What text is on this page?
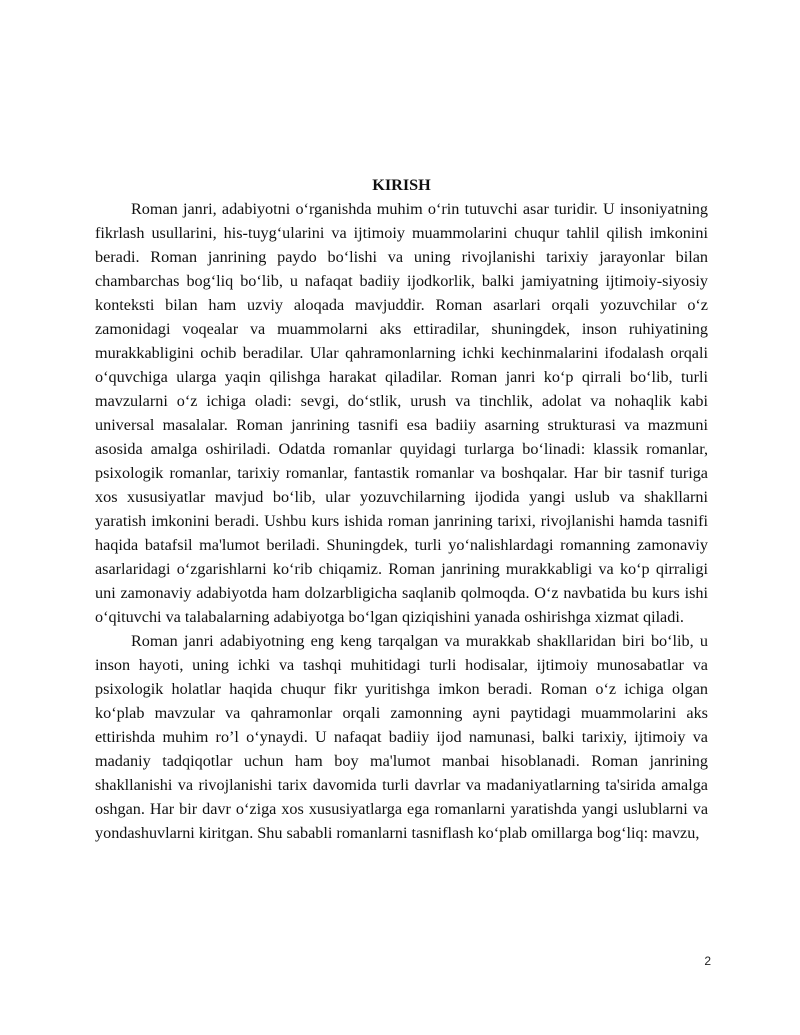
KIRISH

Roman janri, adabiyotni o‘rganishda muhim o‘rin tutuvchi asar turidir. U insoniyatning fikrlash usullarini, his-tuyg‘ularini va ijtimoiy muammolarini chuqur tahlil qilish imkonini beradi. Roman janrining paydo bo‘lishi va uning rivojlanishi tarixiy jarayonlar bilan chambarchas bog‘liq bo‘lib, u nafaqat badiiy ijodkorlik, balki jamiyatning ijtimoiy-siyosiy konteksti bilan ham uzviy aloqada mavjuddir. Roman asarlari orqali yozuvchilar o‘z zamonidagi voqealar va muammolarni aks ettiradilar, shuningdek, inson ruhiyatining murakkabligini ochib beradilar. Ular qahramonlarning ichki kechinmalarini ifodalash orqali o‘quvchiga ularga yaqin qilishga harakat qiladilar. Roman janri ko‘p qirrali bo‘lib, turli mavzularni o‘z ichiga oladi: sevgi, do‘stlik, urush va tinchlik, adolat va nohaqlik kabi universal masalalar. Roman janrining tasnifi esa badiiy asarning strukturasi va mazmuni asosida amalga oshiriladi. Odatda romanlar quyidagi turlarga bo‘linadi: klassik romanlar, psixologik romanlar, tarixiy romanlar, fantastik romanlar va boshqalar. Har bir tasnif turiga xos xususiyatlar mavjud bo‘lib, ular yozuvchilarning ijodida yangi uslub va shakllarni yaratish imkonini beradi. Ushbu kurs ishida roman janrining tarixi, rivojlanishi hamda tasnifi haqida batafsil ma'lumot beriladi. Shuningdek, turli yo‘nalishlardagi romanning zamonaviy asarlaridagi o‘zgarishlarni ko‘rib chiqamiz. Roman janrining murakkabligi va ko‘p qirraligi uni zamonaviy adabiyotda ham dolzarbligicha saqlanib qolmoqda. O‘z navbatida bu kurs ishi o‘qituvchi va talabalarning adabiyotga bo‘lgan qiziqishini yanada oshirishga xizmat qiladi.

Roman janri adabiyotning eng keng tarqalgan va murakkab shakllaridan biri bo‘lib, u inson hayoti, uning ichki va tashqi muhitidagi turli hodisalar, ijtimoiy munosabatlar va psixologik holatlar haqida chuqur fikr yuritishga imkon beradi. Roman o‘z ichiga olgan ko‘plab mavzular va qahramonlar orqali zamonning ayni paytidagi muammolarini aks ettirishda muhim ro’l o‘ynaydi. U nafaqat badiiy ijod namunasi, balki tarixiy, ijtimoiy va madaniy tadqiqotlar uchun ham boy ma'lumot manbai hisoblanadi. Roman janrining shakllanishi va rivojlanishi tarix davomida turli davrlar va madaniyatlarning ta'sirida amalga oshgan. Har bir davr o‘ziga xos xususiyatlarga ega romanlarni yaratishda yangi uslublarni va yondashuvlarni kiritgan. Shu sababli romanlarni tasniflash ko‘plab omillarga bog‘liq: mavzu,

2
